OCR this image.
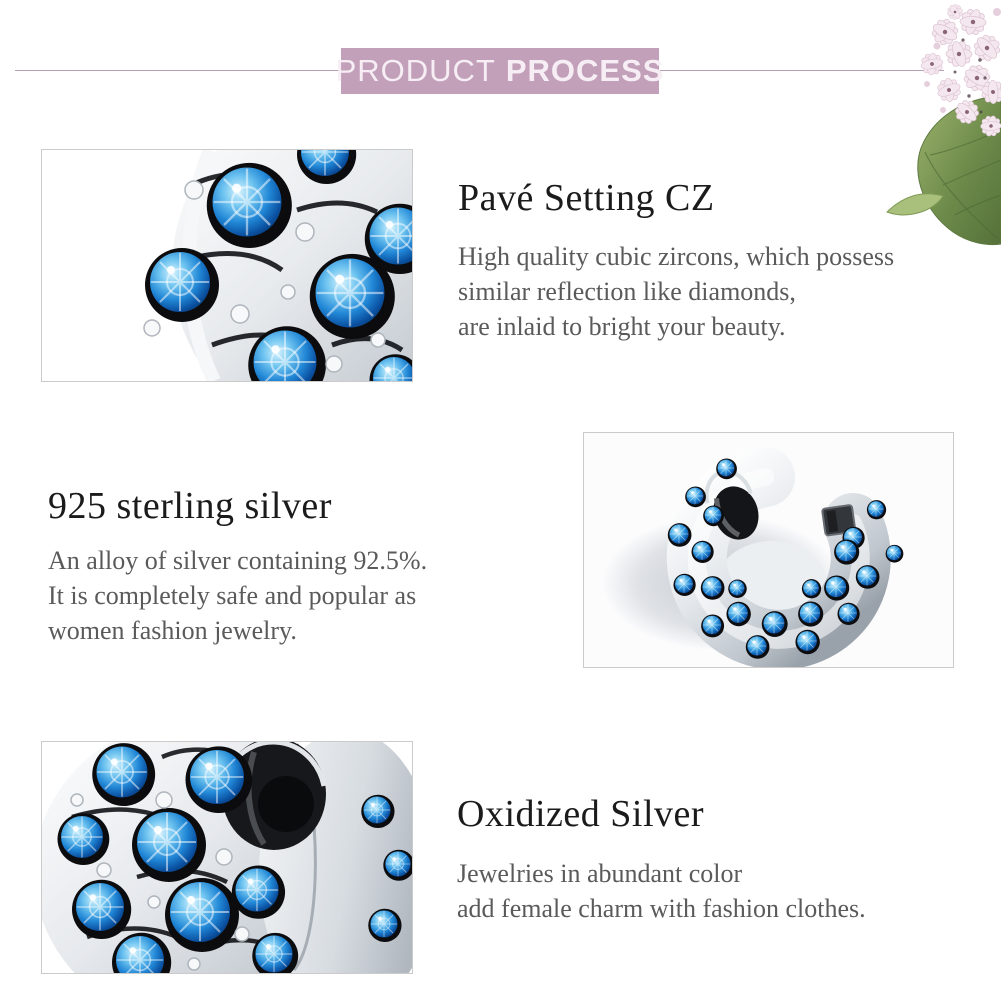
PRODUCT PROCESS
Pavé Setting CZ
High quality cubic zircons, which possess
similar reflection like diamonds,
are inlaid to bright your beauty.
925 sterling silver
An alloy of silver containing 92.5%.
It is completely safe and popular as
women fashion jewelry.
Oxidized Silver
Jewelries in abundant color
add female charm with fashion clothes.
